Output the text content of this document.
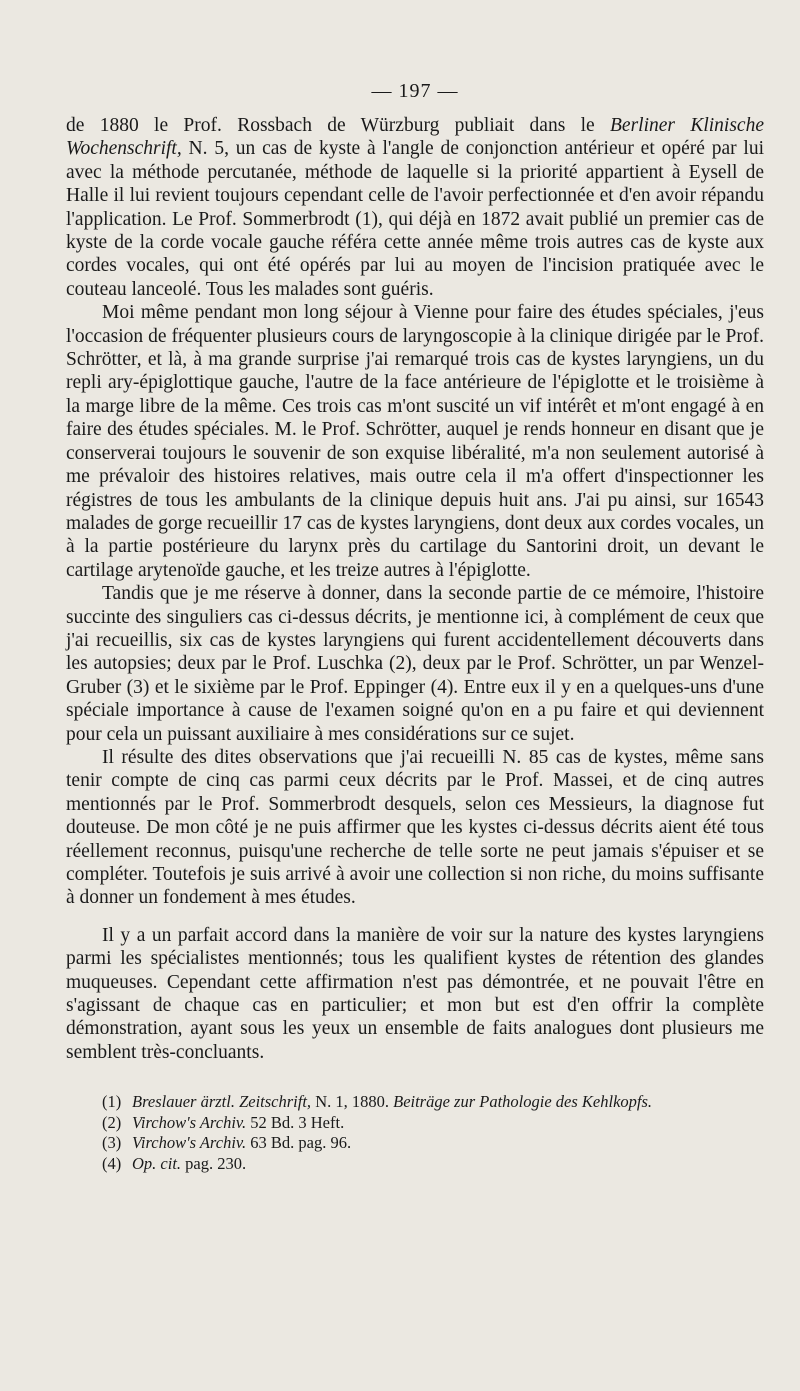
— 197 —

de 1880 le Prof. Rossbach de Würzburg publiait dans le Berliner Klinische Wochenschrift, N. 5, un cas de kyste à l'angle de conjonction antérieur et opéré par lui avec la méthode percutanée, méthode de laquelle si la priorité appartient à Eysell de Halle il lui revient toujours cependant celle de l'avoir perfectionnée et d'en avoir répandu l'application. Le Prof. Sommerbrodt (1), qui déjà en 1872 avait publié un premier cas de kyste de la corde vocale gauche référa cette année même trois autres cas de kyste aux cordes vocales, qui ont été opérés par lui au moyen de l'incision pratiquée avec le couteau lanceolé. Tous les malades sont guéris.

Moi même pendant mon long séjour à Vienne pour faire des études spéciales, j'eus l'occasion de fréquenter plusieurs cours de laryngoscopie à la clinique dirigée par le Prof. Schrötter, et là, à ma grande surprise j'ai remarqué trois cas de kystes laryngiens, un du repli ary-épiglottique gauche, l'autre de la face antérieure de l'épiglotte et le troisième à la marge libre de la même. Ces trois cas m'ont suscité un vif intérêt et m'ont engagé à en faire des études spéciales. M. le Prof. Schrötter, auquel je rends honneur en disant que je conserverai toujours le souvenir de son exquise libéralité, m'a non seulement autorisé à me prévaloir des histoires relatives, mais outre cela il m'a offert d'inspectionner les régistres de tous les ambulants de la clinique depuis huit ans. J'ai pu ainsi, sur 16543 malades de gorge recueillir 17 cas de kystes laryngiens, dont deux aux cordes vocales, un à la partie postérieure du larynx près du cartilage du Santorini droit, un devant le cartilage arytenoïde gauche, et les treize autres à l'épiglotte.

Tandis que je me réserve à donner, dans la seconde partie de ce mémoire, l'histoire succinte des singuliers cas ci-dessus décrits, je mentionne ici, à complément de ceux que j'ai recueillis, six cas de kystes laryngiens qui furent accidentellement découverts dans les autopsies; deux par le Prof. Luschka (2), deux par le Prof. Schrötter, un par Wenzel-Gruber (3) et le sixième par le Prof. Eppinger (4). Entre eux il y en a quelques-uns d'une spéciale importance à cause de l'examen soigné qu'on en a pu faire et qui deviennent pour cela un puissant auxiliaire à mes considérations sur ce sujet.

Il résulte des dites observations que j'ai recueilli N. 85 cas de kystes, même sans tenir compte de cinq cas parmi ceux décrits par le Prof. Massei, et de cinq autres mentionnés par le Prof. Sommerbrodt desquels, selon ces Messieurs, la diagnose fut douteuse. De mon côté je ne puis affirmer que les kystes ci-dessus décrits aient été tous réellement reconnus, puisqu'une recherche de telle sorte ne peut jamais s'épuiser et se compléter. Toutefois je suis arrivé à avoir une collection si non riche, du moins suffisante à donner un fondement à mes études.

Il y a un parfait accord dans la manière de voir sur la nature des kystes laryngiens parmi les spécialistes mentionnés; tous les qualifient kystes de rétention des glandes muqueuses. Cependant cette affirmation n'est pas démontrée, et ne pouvait l'être en s'agissant de chaque cas en particulier; et mon but est d'en offrir la complète démonstration, ayant sous les yeux un ensemble de faits analogues dont plusieurs me semblent très-concluants.

(1) Breslauer ärztl. Zeitschrift, N. 1, 1880. Beiträge zur Pathologie des Kehlkopfs.
(2) Virchow's Archiv. 52 Bd. 3 Heft.
(3) Virchow's Archiv. 63 Bd. pag. 96.
(4) Op. cit. pag. 230.
